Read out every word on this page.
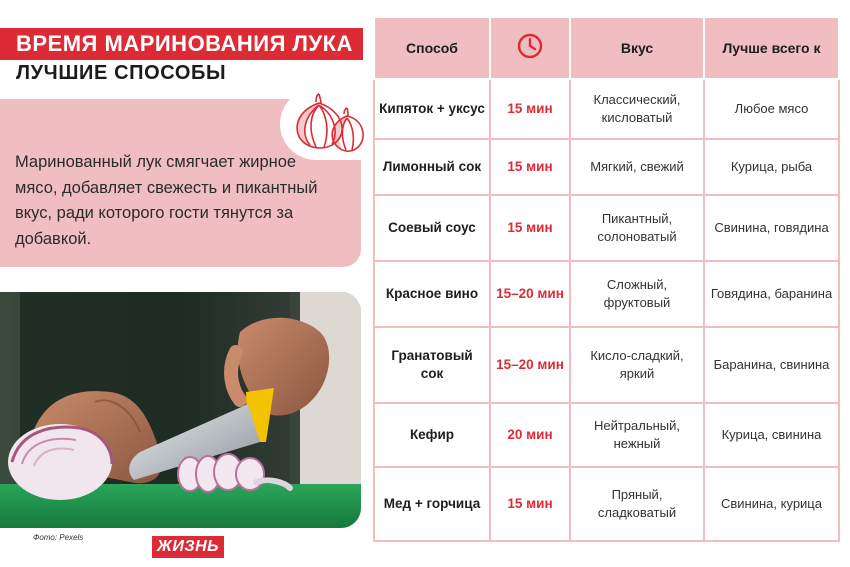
ВРЕМЯ МАРИНОВАНИЯ ЛУКА
ЛУЧШИЕ СПОСОБЫ

Маринованный лук смягчает жирное мясо, добавляет свежесть и пикантный вкус, ради которого гости тянутся за добавкой.

Фото: Pexels
ЖИЗНЬ
Способ		Вкус	Лучше всего к
Кипяток + уксус	15 мин	Классический, кисловатый	Любое мясо
Лимонный сок	15 мин	Мягкий, свежий	Курица, рыба
Соевый соус	15 мин	Пикантный, солоноватый	Свинина, говядина
Красное вино	15–20 мин	Сложный, фруктовый	Говядина, баранина
Гранатовый сок	15–20 мин	Кисло-сладкий, яркий	Баранина, свинина
Кефир	20 мин	Нейтральный, нежный	Курица, свинина
Мед + горчица	15 мин	Пряный, сладковатый	Свинина, курица
